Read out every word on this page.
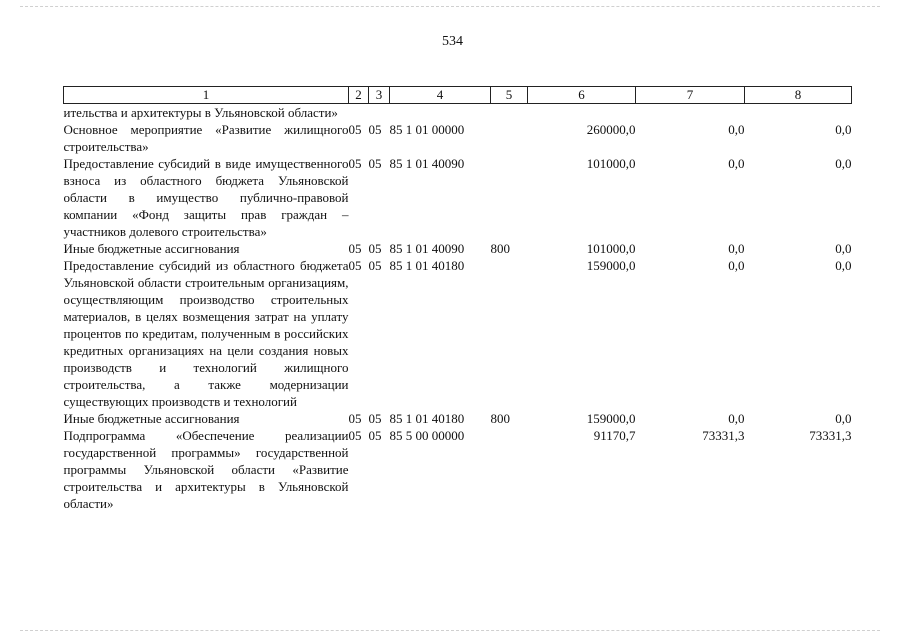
534
1	2	3	4	5	6	7	8
ительства и архитектуры в Ульяновской области»							
Основное мероприятие «Развитие жилищного строительства»	05	05	85 1 01 00000		260000,0	0,0	0,0
Предоставление субсидий в виде имущественного взноса из областного бюджета Ульяновской области в имущество публично-правовой компании «Фонд защиты прав граждан – участников долевого строительства»	05	05	85 1 01 40090		101000,0	0,0	0,0
Иные бюджетные ассигнования	05	05	85 1 01 40090	800	101000,0	0,0	0,0
Предоставление субсидий из областного бюджета Ульяновской области строительным организациям, осуществляющим производство строительных материалов, в целях возмещения затрат на уплату процентов по кредитам, полученным в российских кредитных организациях на цели создания новых производств и технологий жилищного строительства, а также модернизации существующих производств и технологий	05	05	85 1 01 40180		159000,0	0,0	0,0
Иные бюджетные ассигнования	05	05	85 1 01 40180	800	159000,0	0,0	0,0
Подпрограмма «Обеспечение реализации государственной программы» государственной программы Ульяновской области «Развитие строительства и архитектуры в Ульяновской области»	05	05	85 5 00 00000		91170,7	73331,3	73331,3
